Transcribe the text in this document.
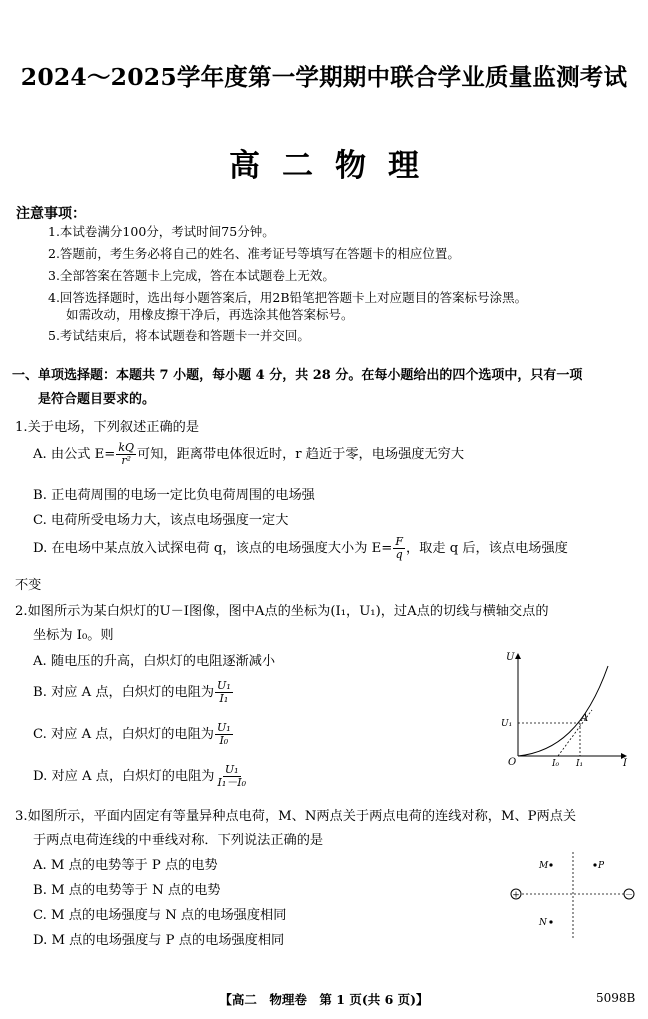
2024～2025学年度第一学期期中联合学业质量监测考试
高二物理
注意事项：
1.本试卷满分100分，考试时间75分钟。
2.答题前，考生务必将自己的姓名、准考证号等填写在答题卡的相应位置。
3.全部答案在答题卡上完成，答在本试题卷上无效。
4.回答选择题时，选出每小题答案后，用2B铅笔把答题卡上对应题目的答案标号涂黑。
如需改动，用橡皮擦干净后，再选涂其他答案标号。
5.考试结束后，将本试题卷和答题卡一并交回。
一、单项选择题：本题共 7 小题，每小题 4 分，共 28 分。在每小题给出的四个选项中，只有一项
是符合题目要求的。
1.关于电场，下列叙述正确的是
A. 由公式 $E= \frac{kQ}{\text{r²}}$ 可知，距离带电体很近时，r 趋近于零，电场强度无穷大
B. 正电荷周围的电场一定比负电荷周围的电场强
C. 电荷所受电场力大，该点电场强度一定大
D. 在电场中某点放入试探电荷 q，该点的电场强度大小为 $E= \frac{F}{q}$ ，取走 q 后，该点电场强度
不变
2.如图所示为某白炽灯的U－I图像，图中A点的坐标为(I₁，U₁)，过A点的切线与横轴交点的
坐标为 I₀。则
A. 随电压的升高，白炽灯的电阻逐渐减小
B. 对应 A 点，白炽灯的电阻为 $\frac{\text{U₁}}{\text{I₁}}$
C. 对应 A 点，白炽灯的电阻为 $\frac{\text{U₁}}{\text{I₀}}$
D. 对应 A 点，白炽灯的电阻为 $\frac{\text{U₁}}{\text{I₁－I₀}}$
U
U₁
O	I₀ I₁	I
A
3.如图所示，平面内固定有等量异种点电荷，M、N两点关于两点电荷的连线对称，M、P两点关
于两点电荷连线的中垂线对称．下列说法正确的是
A. M 点的电势等于 P 点的电势
B. M 点的电势等于 N 点的电势
C. M 点的电场强度与 N 点的电场强度相同
D. M 点的电场强度与 P 点的电场强度相同
+	－
M	P
N
【高二　物理卷　第 1 页(共 6 页)】	5098B
